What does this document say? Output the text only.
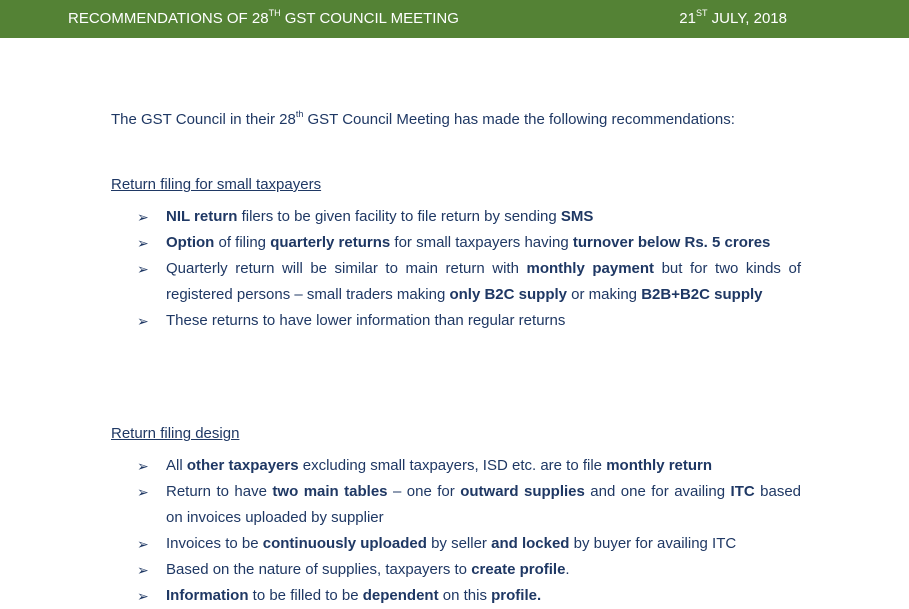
RECOMMENDATIONS OF 28TH GST COUNCIL MEETING	21ST JULY, 2018
The GST Council in their 28th GST Council Meeting has made the following recommendations:
Return filing for small taxpayers
➢ NIL return filers to be given facility to file return by sending SMS
➢ Option of filing quarterly returns for small taxpayers having turnover below Rs. 5 crores
➢ Quarterly return will be similar to main return with monthly payment but for two kinds of registered persons – small traders making only B2C supply or making B2B+B2C supply
➢ These returns to have lower information than regular returns
Return filing design
➢ All other taxpayers excluding small taxpayers, ISD etc. are to file monthly return
➢ Return to have two main tables – one for outward supplies and one for availing ITC based on invoices uploaded by supplier
➢ Invoices to be continuously uploaded by seller and locked by buyer for availing ITC
➢ Based on the nature of supplies, taxpayers to create profile.
➢ Information to be filled to be dependent on this profile.
